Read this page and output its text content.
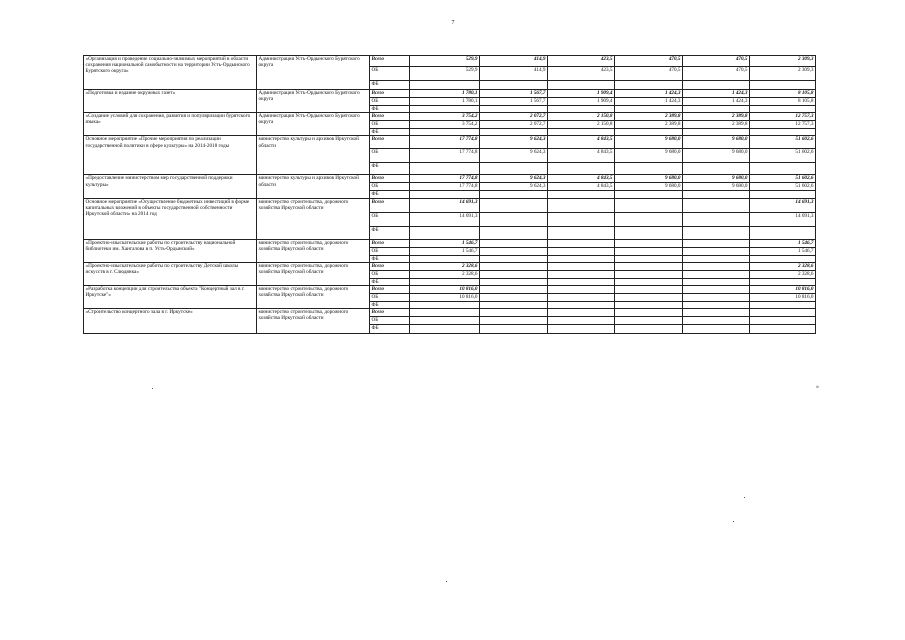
7
«Организация и проведение социально-значимых мероприятий в области сохранения национальной самобытности на территории Усть-Ордынского Бурятского округа»	Администрация Усть-Ордынского Бурятского округа	Всего	529,9	414,9	423,5	470,5	470,5	2 309,3
		ОБ	529,9	414,9	423,5	470,5	470,5	2 309,3
		ФБ						
«Подготовка и издание окружных газет»	Администрация Усть-Ордынского Бурятского округа	Всего	1 780,1	1 567,7	1 909,4	1 424,3	1 424,3	8 105,8
		ОБ	1 780,1	1 567,7	1 909,4	1 424,3	1 424,3	8 105,8
		ФБ						
«Создание условий для сохранения, развития и популяризации бурятского языка»	Администрация Усть-Ордынского Бурятского округа	Всего	3 754,2	2 072,7	2 150,8	2 389,8	2 389,8	12 757,3
		ОБ	3 754,2	2 072,7	2 150,8	2 389,8	2 389,8	12 757,3
		ФБ						
Основное мероприятие «Прочие мероприятия по реализации государственной политики в сфере культуры» на 2014-2018 годы	министерство культуры и архивов Иркутской области	Всего	17 774,8	9 624,3	4 843,5	9 680,0	9 680,0	51 602,6
		ОБ	17 774,8	9 624,3	4 843,5	9 680,0	9 680,0	51 602,6
		ФБ						
«Предоставление министерством мер государственной поддержки культуры»	министерство культуры и архивов Иркутской области	Всего	17 774,8	9 624,3	4 843,5	9 680,0	9 680,0	51 602,6
		ОБ	17 774,8	9 624,3	4 843,5	9 680,0	9 680,0	51 602,6
		ФБ						
Основное мероприятие «Осуществление бюджетных инвестиций в форме капитальных вложений в объекты государственной собственности Иркутской области» на 2014 год	министерство строительства, дорожного хозяйства Иркутской области	Всего	14 691,3					14 691,3
		ОБ	14 691,3					14 691,3
		ФБ						
«Проектно-изыскательские работы по строительству национальной библиотеки им. Хангалова в п. Усть-Ордынский»	министерство строительства, дорожного хозяйства Иркутской области	Всего	1 546,7					1 546,7
		ОБ	1 546,7					1 546,7
		ФБ						
«Проектно-изыскательские работы по строительству Детской школы искусств в г. Слюдянка»	министерство строительства, дорожного хозяйства Иркутской области	Всего	2 328,6					2 328,6
		ОБ	2 328,6					2 328,6
		ФБ						
«Разработка концепции для строительства объекта "Концертный зал в г. Иркутске"»	министерство строительства, дорожного хозяйства Иркутской области	Всего	10 816,0					10 816,0
		ОБ	10 816,0					10 816,0
		ФБ						
«Строительство концертного зала в г. Иркутске»	министерство строительства, дорожного хозяйства Иркутской области	Всего						
		ОБ						
		ФБ						
»
